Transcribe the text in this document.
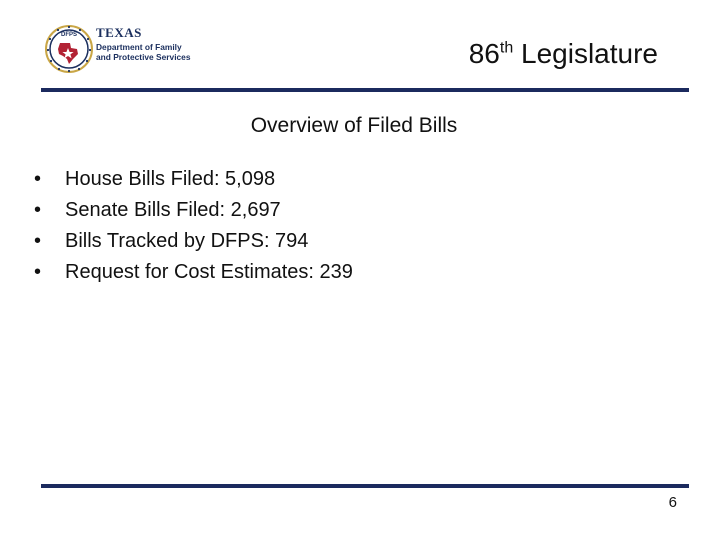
DFPS TEXAS
Department of Family
and Protective Services	86th Legislature
Overview of Filed Bills
• House Bills Filed: 5,098
• Senate Bills Filed: 2,697
• Bills Tracked by DFPS: 794
• Request for Cost Estimates: 239
6
